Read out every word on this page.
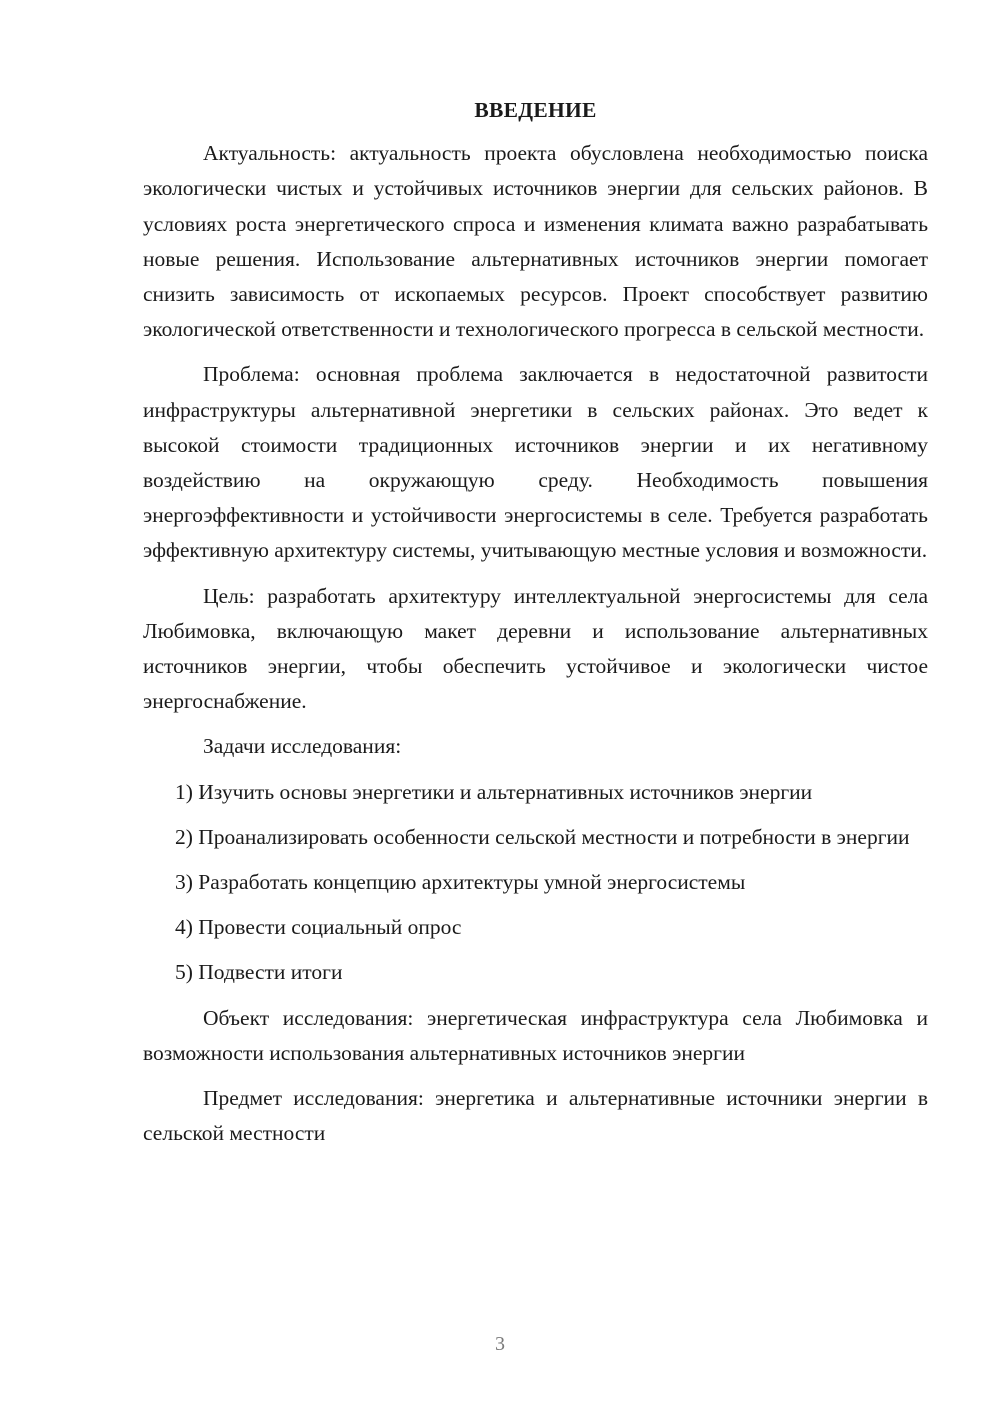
ВВЕДЕНИЕ

Актуальность: актуальность проекта обусловлена необходимостью поиска экологически чистых и устойчивых источников энергии для сельских районов. В условиях роста энергетического спроса и изменения климата важно разрабатывать новые решения. Использование альтернативных источников энергии помогает снизить зависимость от ископаемых ресурсов. Проект способствует развитию экологической ответственности и технологического прогресса в сельской местности.

Проблема: основная проблема заключается в недостаточной развитости инфраструктуры альтернативной энергетики в сельских районах. Это ведет к высокой стоимости традиционных источников энергии и их негативному воздействию на окружающую среду. Необходимость повышения энергоэффективности и устойчивости энергосистемы в селе. Требуется разработать эффективную архитектуру системы, учитывающую местные условия и возможности.

Цель: разработать архитектуру интеллектуальной энергосистемы для села Любимовка, включающую макет деревни и использование альтернативных источников энергии, чтобы обеспечить устойчивое и экологически чистое энергоснабжение.

Задачи исследования:

1) Изучить основы энергетики и альтернативных источников энергии

2) Проанализировать особенности сельской местности и потребности в энергии

3) Разработать концепцию архитектуры умной энергосистемы

4) Провести социальный опрос

5) Подвести итоги

Объект исследования: энергетическая инфраструктура села Любимовка и возможности использования альтернативных источников энергии

Предмет исследования: энергетика и альтернативные источники энергии в сельской местности

3
